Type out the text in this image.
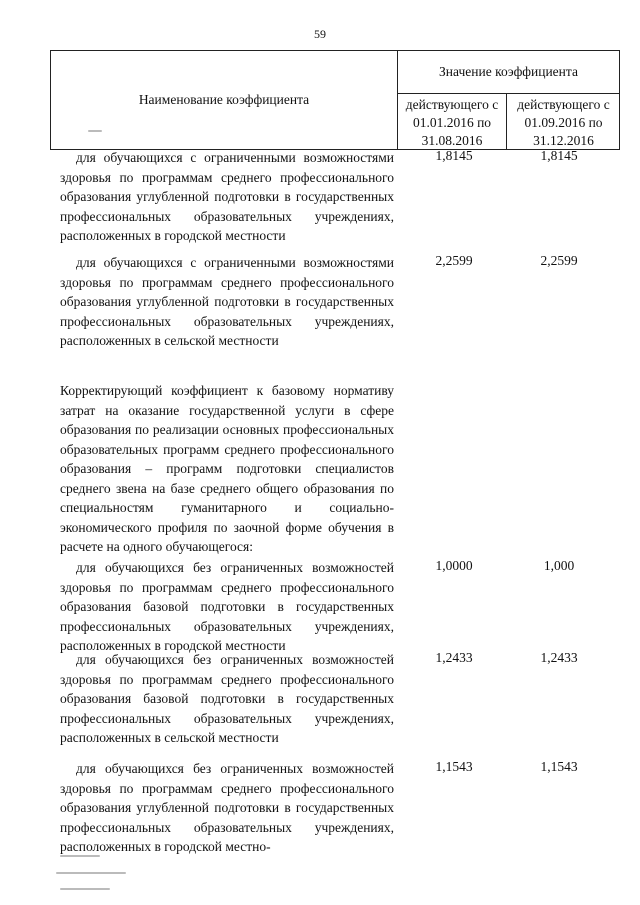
59
Наименование коэффициента
Значение коэффициента
действующего с 01.01.2016 по 31.08.2016
действующего с 01.09.2016 по 31.12.2016
для обучающихся с ограниченными возможностями здоровья по программам среднего профессионального образования углубленной подготовки в государственных профессиональных образовательных учреждениях, расположенных в городской местности
1,8145	1,8145
для обучающихся с ограниченными возможностями здоровья по программам среднего профессионального образования углубленной подготовки в государственных профессиональных образовательных учреждениях, расположенных в сельской местности
2,2599	2,2599
Корректирующий коэффициент к базовому нормативу затрат на оказание государственной услуги в сфере образования по реализации основных профессиональных образовательных программ среднего профессионального образования – программ подготовки специалистов среднего звена на базе среднего общего образования по специальностям гуманитарного и социально-экономического профиля по заочной форме обучения в расчете на одного обучающегося:
для обучающихся без ограниченных возможностей здоровья по программам среднего профессионального образования базовой подготовки в государственных профессиональных образовательных учреждениях, расположенных в городской местности
1,0000	1,000
для обучающихся без ограниченных возможностей здоровья по программам среднего профессионального образования базовой подготовки в государственных профессиональных образовательных учреждениях, расположенных в сельской местности
1,2433	1,2433
для обучающихся без ограниченных возможностей здоровья по программам среднего профессионального образования углубленной подготовки в государственных профессиональных образовательных учреждениях, расположенных в городской местно-
1,1543	1,1543
